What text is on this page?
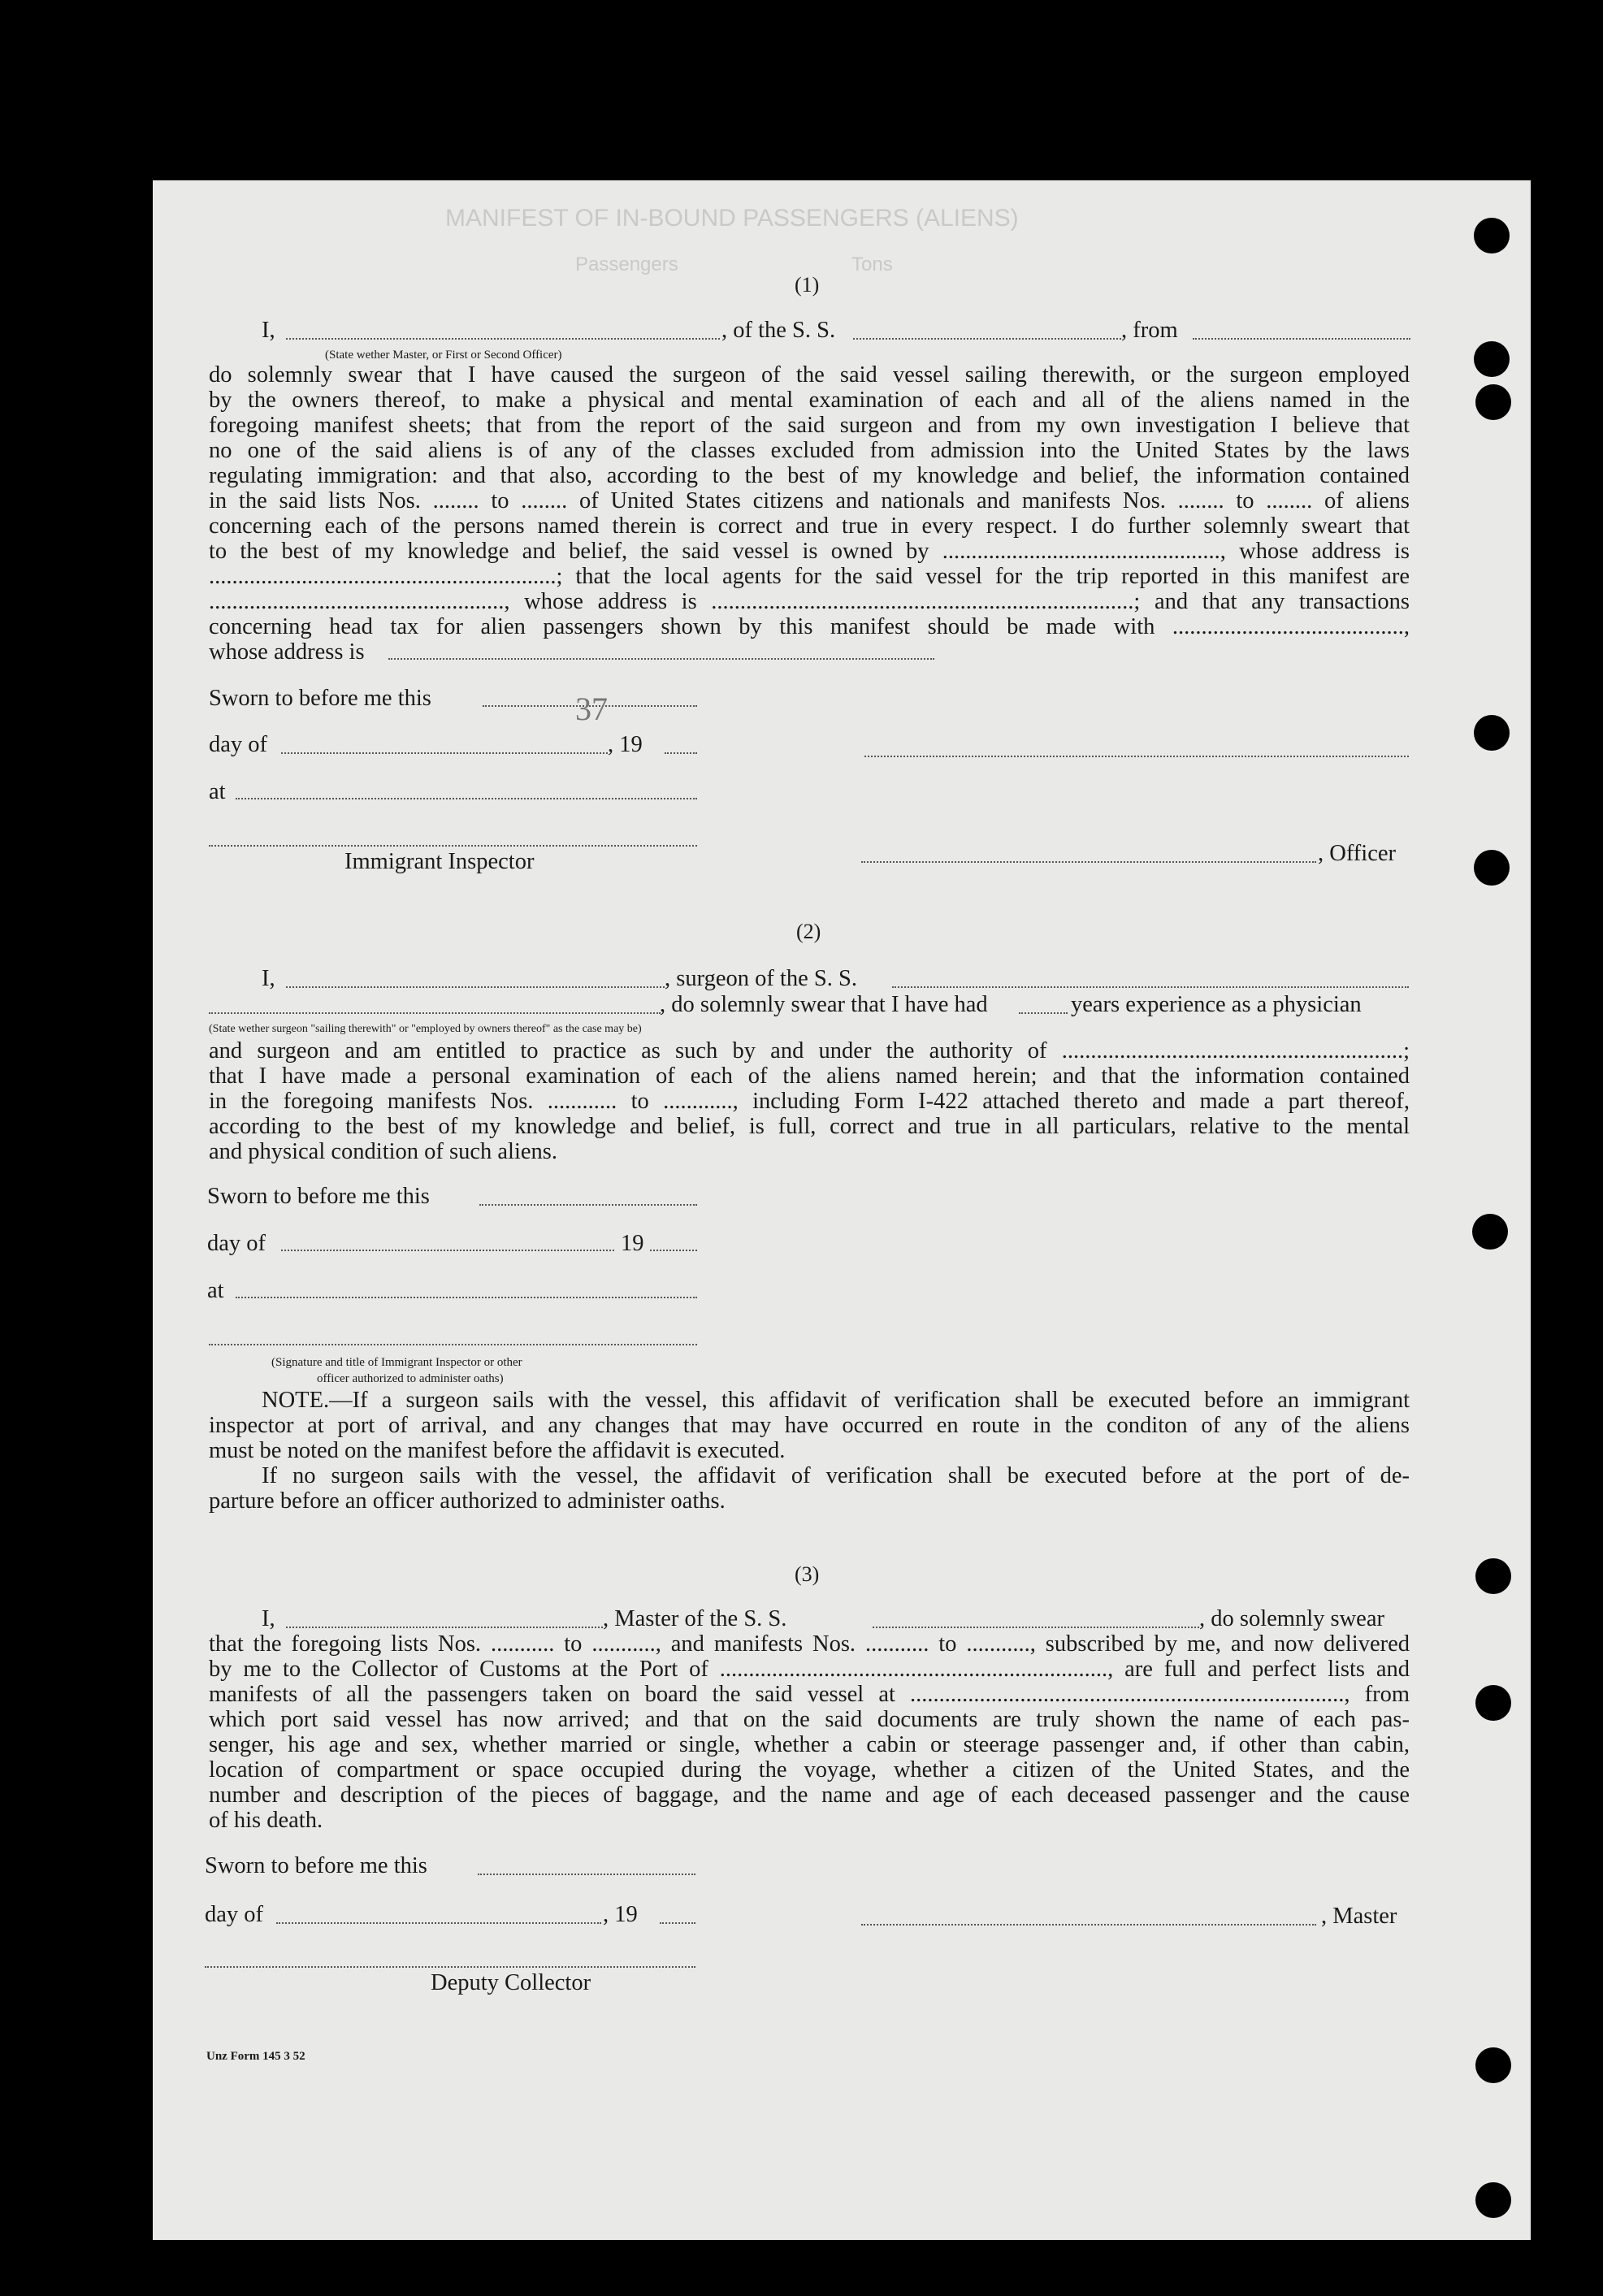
MANIFEST OF IN-BOUND PASSENGERS (ALIENS)
Passengers	Tons
(1)
I,	, of the S. S.	, from
(State wether Master, or First or Second Officer)
do solemnly swear that I have caused the surgeon of the said vessel sailing therewith, or the surgeon employed
by the owners thereof, to make a physical and mental examination of each and all of the aliens named in the
foregoing manifest sheets; that from the report of the said surgeon and from my own investigation I believe that
no one of the said aliens is of any of the classes excluded from admission into the United States by the laws
regulating immigration: and that also, according to the best of my knowledge and belief, the information contained
in the said lists Nos. ........ to ........ of United States citizens and nationals and manifests Nos. ........ to ........ of aliens
concerning each of the persons named therein is correct and true in every respect. I do further solemnly sweart that
to the best of my knowledge and belief, the said vessel is owned by ................................................, whose address is
............................................................; that the local agents for the said vessel for the trip reported in this manifest are
..................................................., whose address is .........................................................................; and that any transactions
concerning head tax for alien passengers shown by this manifest should be made with ........................................,
whose address is
Sworn to before me this	37
day of	, 19
at
Immigrant Inspector	, Officer
(2)
I,	, surgeon of the S. S.
, do solemnly swear that I have had	years experience as a physician
(State wether surgeon "sailing therewith" or "employed by owners thereof" as the case may be)
and surgeon and am entitled to practice as such by and under the authority of ...........................................................;
that I have made a personal examination of each of the aliens named herein; and that the information contained
in the foregoing manifests Nos. ............ to ............, including Form I-422 attached thereto and made a part thereof,
according to the best of my knowledge and belief, is full, correct and true in all particulars, relative to the mental
and physical condition of such aliens.
Sworn to before me this
day of	19
at
(Signature and title of Immigrant Inspector or other
officer authorized to administer oaths)
NOTE.—If a surgeon sails with the vessel, this affidavit of verification shall be executed before an immigrant
inspector at port of arrival, and any changes that may have occurred en route in the conditon of any of the aliens
must be noted on the manifest before the affidavit is executed.
If no surgeon sails with the vessel, the affidavit of verification shall be executed before at the port of de-
parture before an officer authorized to administer oaths.
(3)
I,	, Master of the S. S.	, do solemnly swear
that the foregoing lists Nos. ........... to ..........., and manifests Nos. ........... to ..........., subscribed by me, and now delivered
by me to the Collector of Customs at the Port of ..................................................................., are full and perfect lists and
manifests of all the passengers taken on board the said vessel at ..........................................................................., from
which port said vessel has now arrived; and that on the said documents are truly shown the name of each pas-
senger, his age and sex, whether married or single, whether a cabin or steerage passenger and, if other than cabin,
location of compartment or space occupied during the voyage, whether a citizen of the United States, and the
number and description of the pieces of baggage, and the name and age of each deceased passenger and the cause
of his death.
Sworn to before me this
day of	, 19	, Master
Deputy Collector
Unz Form 145 3 52
